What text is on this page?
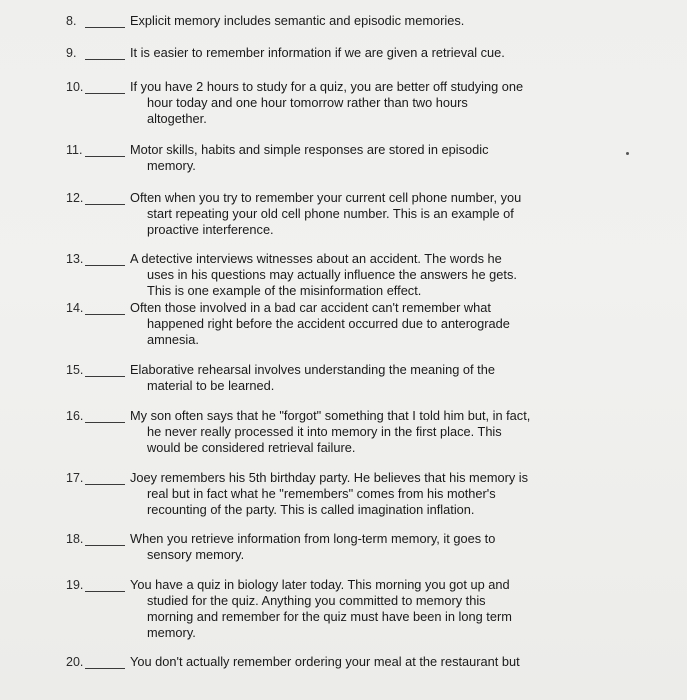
8.	Explicit memory includes semantic and episodic memories.
9.	It is easier to remember information if we are given a retrieval cue.
10.	If you have 2 hours to study for a quiz, you are better off studying one
hour today and one hour tomorrow rather than two hours
altogether.
11.	Motor skills, habits and simple responses are stored in episodic
memory.
12.	Often when you try to remember your current cell phone number, you
start repeating your old cell phone number. This is an example of
proactive interference.
13.	A detective interviews witnesses about an accident. The words he
uses in his questions may actually influence the answers he gets.
This is one example of the misinformation effect.
14.	Often those involved in a bad car accident can't remember what
happened right before the accident occurred due to anterograde
amnesia.
15.	Elaborative rehearsal involves understanding the meaning of the
material to be learned.
16.	My son often says that he "forgot" something that I told him but, in fact,
he never really processed it into memory in the first place. This
would be considered retrieval failure.
17.	Joey remembers his 5th birthday party. He believes that his memory is
real but in fact what he "remembers" comes from his mother's
recounting of the party. This is called imagination inflation.
18.	When you retrieve information from long-term memory, it goes to
sensory memory.
19.	You have a quiz in biology later today. This morning you got up and
studied for the quiz. Anything you committed to memory this
morning and remember for the quiz must have been in long term
memory.
20.	You don't actually remember ordering your meal at the restaurant but
